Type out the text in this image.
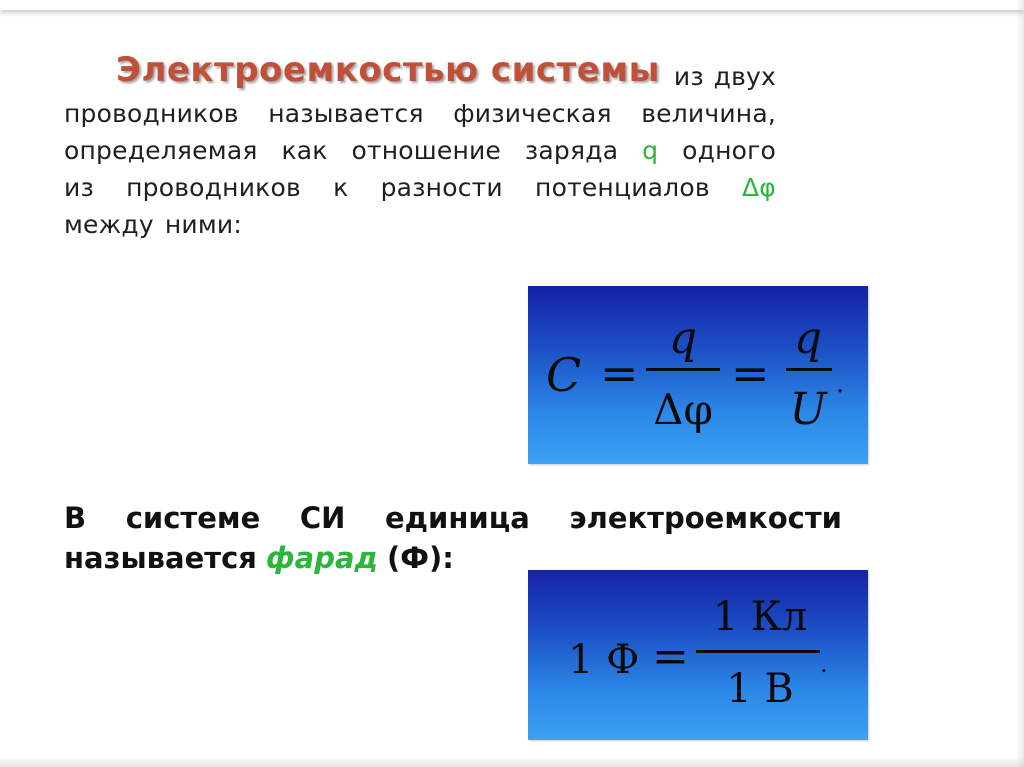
Электроемкостью системы из двух
проводников называется физическая величина,
определяемая как отношение заряда q одного
из проводников к разности потенциалов Δφ
между ними:
C =
q
Δφ
=
q
U .
В системе СИ единица электроемкости
называется фарад (Ф):
1 Ф =
1 Кл
1 В
.
